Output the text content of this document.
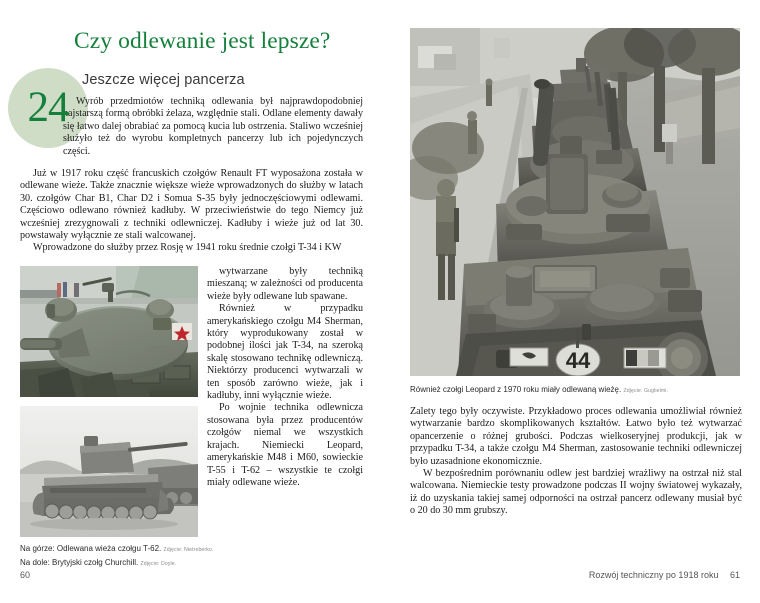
24
Czy odlewanie jest lepsze?
Jeszcze więcej pancerza
Wyrób przedmiotów techniką odlewania był najprawdopodobniej najstarszą formą obróbki żelaza, względnie stali. Odlane elementy dawały się łatwo dalej obrabiać za pomocą kucia lub ostrzenia. Staliwo wcześniej służyło też do wyrobu kompletnych pancerzy lub ich pojedynczych części.

Już w 1917 roku część francuskich czołgów Renault FT wyposażona została w odlewane wieże. Także znacznie większe wieże wprowadzonych do służby w latach 30. czołgów Char B1, Char D2 i Somua S-35 były jednoczęściowymi odlewami. Częściowo odlewano również kadłuby. W przeciwieństwie do tego Niemcy już wcześniej zrezygnowali z techniki odlewniczej. Kadłuby i wieże już od lat 30. powstawały wyłącznie ze stali walcowanej.

Wprowadzone do służby przez Rosję w 1941 roku średnie czołgi T-34 i KW

wytwarzane były techniką mieszaną; w zależności od producenta wieże były odlewane lub spawane.

Również w przypadku amerykańskiego czołgu M4 Sherman, który wyprodukowany został w podobnej ilości jak T-34, na szeroką skalę stosowano technikę odlewniczą. Niektórzy producenci wytwarzali w ten sposób zarówno wieże, jak i kadłuby, inni wyłącznie wieże.

Po wojnie technika odlewnicza stosowana była przez producentów czołgów niemal we wszystkich krajach. Niemiecki Leopard, amerykańskie M48 i M60, sowieckie T-55 i T-62 – wszystkie te czołgi miały odlewane wieże.

Na górze: Odlewana wieża czołgu T-62. Zdjęcie: Nietreberko.
Na dole: Brytyjski czołg Churchill. Zdjęcie: Doyle.
60
44
Również czołgi Leopard z 1970 roku miały odlewaną wieżę. Zdjęcie: Guglielmi.

Zalety tego były oczywiste. Przykładowo proces odlewania umożliwiał również wytwarzanie bardzo skomplikowanych kształtów. Łatwo było też wytwarzać opancerzenie o różnej grubości. Podczas wielkoseryjnej produkcji, jak w przypadku T-34, a także czołgu M4 Sherman, zastosowanie techniki odlewniczej było uzasadnione ekonomicznie.

W bezpośrednim porównaniu odlew jest bardziej wrażliwy na ostrzał niż stal walcowana. Niemieckie testy prowadzone podczas II wojny światowej wykazały, iż do uzyskania takiej samej odporności na ostrzał pancerz odlewany musiał być o 20 do 30 mm grubszy.

Rozwój techniczny po 1918 roku 61
